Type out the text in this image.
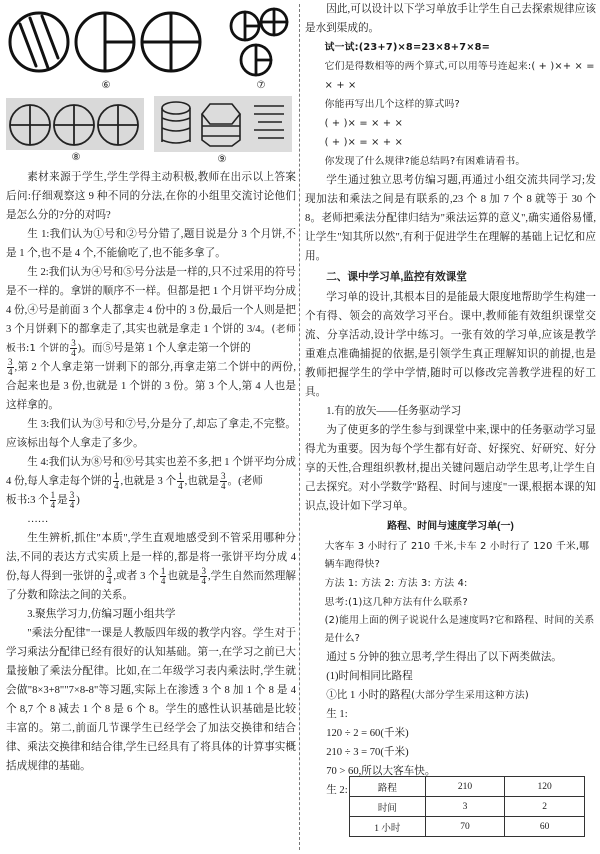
⑥	⑦
⑧	⑨
素材来源于学生,学生学得主动积极,教师在出示以上答案后问:仔细观察这 9 种不同的分法,在你的小组里交流讨论他们是怎么分的?分的对吗?
生 1:我们认为①号和②号分错了,题目说是分 3 个月饼,不是 1 个,也不是 4 个,不能偷吃了,也不能多拿了。
生 2:我们认为④号和⑤号分法是一样的,只不过采用的符号是不一样的。拿饼的顺序不一样。但都是把 1 个月饼平均分成 4 份,④号是前面 3 个人都拿走 4 份中的 3 份,最后一个人则是把 3 个月饼剩下的都拿走了,其实也就是拿走 1 个饼的 3/4。(老师板书:1 个饼的 $\frac{3}{4}$ )。而⑤号是第 1 个人拿走第一个饼的
$\frac{3}{4}$ ,第 2 个人拿走第一饼剩下的部分,再拿走第二个饼中的两份,合起来也是 3 份,也就是 1 个饼的 3 份。第 3 个人,第 4 人也是这样拿的。
生 3:我们认为③号和⑦号,分是分了,却忘了拿走,不完整。应该标出每个人拿走了多少。
生 4:我们认为⑧号和⑨号其实也差不多,把 1 个饼平均分成 4 份,每人拿走每个饼的 $\frac{1}{4}$ ,也就是 3 个 $\frac{1}{4}$ ,也就是 $\frac{3}{4}$ 。(老师
板书:3 个 $\frac{1}{4}$ 是 $\frac{3}{4}$ )
……
生生辨析,抓住"本质",学生直观地感受到不管采用哪种分法,不同的表达方式实质上是一样的,都是将一张饼平均分成 4 份,每人得到一张饼的 $\frac{3}{4}$ ,或者 3 个 $\frac{1}{4}$ 也就是 $\frac{3}{4}$ ,学生自然而然理解了分数和除法之间的关系。
3.聚焦学习力,仿编习题小组共学
"乘法分配律"一课是人教版四年级的教学内容。学生对于学习乘法分配律已经有很好的认知基础。第一,在学习之前已大量接触了乘法分配律。比如,在二年级学习表内乘法时,学生就会做"8×3+8""7×8-8"等习题,实际上在渗透 3 个 8 加 1 个 8 是 4 个 8,7 个 8 减去 1 个 8 是 6 个 8。学生的感性认识基础是比较丰富的。第二,前面几节课学生已经学会了加法交换律和结合律、乘法交换律和结合律,学生已经具有了将具体的计算事实概括成规律的基础。
因此,可以设计以下学习单放手让学生自己去探索规律应该是水到渠成的。
试一试:(23+7)×8=23×8+7×8=
它们是得数相等的两个算式,可以用等号连起来:( + )×+ × = × + ×
你能再写出几个这样的算式吗?
( + )× = × + ×
( + )× = × + ×
你发现了什么规律?能总结吗?有困难请看书。
学生通过独立思考仿编习题,再通过小组交流共同学习;发现加法和乘法之间是有联系的,23 个 8 加 7 个 8 就等于 30 个 8。老师把乘法分配律归结为"乘法运算的意义",确实通俗易懂,让学生"知其所以然",有利于促进学生在理解的基础上记忆和应用。
二、课中学习单,监控有效课堂
学习单的设计,其根本目的是能最大限度地帮助学生构建一个有得、领会的高效学习平台。课中,教师能有效组织课堂交流、分享活动,设计学中练习。一张有效的学习单,应该是教学重难点准确捕捉的依据,是引领学生真正理解知识的前提,也是教师把握学生的学中学情,随时可以修改完善教学进程的好工具。
1.有的放矢——任务驱动学习
为了使更多的学生参与到课堂中来,课中的任务驱动学习显得尤为重要。因为每个学生都有好奇、好探究、好研究、好分享的天性,合理组织教材,提出关键问题启动学生思考,让学生自己去探究。对小学数学"路程、时间与速度"一课,根据本课的知识点,设计如下学习单。
路程、时间与速度学习单(一)
大客车 3 小时行了 210 千米,卡车 2 小时行了 120 千米,哪辆车跑得快?
方法 1: 方法 2: 方法 3: 方法 4:
思考:(1)这几种方法有什么联系?
(2)能用上面的例子说说什么是速度吗?它和路程、时间的关系是什么?
通过 5 分钟的独立思考,学生得出了以下两类做法。
(1)时间相同比路程
①比 1 小时的路程(大部分学生采用这种方法)
生 1:
120 ÷ 2 = 60(千米)
210 ÷ 3 = 70(千米)
70 > 60,所以大客车快。
生 2:	路程	210	120
时间	3	2
1 小时	70	60
